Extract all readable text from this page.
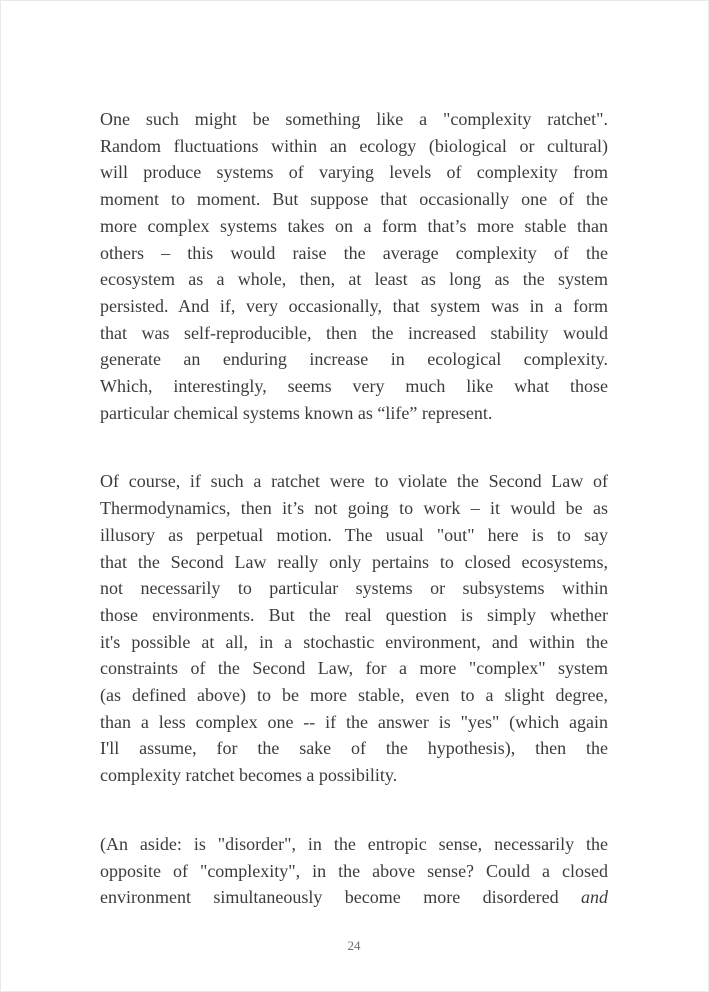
One such might be something like a "complexity ratchet".
Random fluctuations within an ecology (biological or cultural)
will produce systems of varying levels of complexity from
moment to moment. But suppose that occasionally one of the
more complex systems takes on a form that’s more stable than
others – this would raise the average complexity of the
ecosystem as a whole, then, at least as long as the system
persisted. And if, very occasionally, that system was in a form
that was self-reproducible, then the increased stability would
generate an enduring increase in ecological complexity.
Which, interestingly, seems very much like what those
particular chemical systems known as “life” represent.

Of course, if such a ratchet were to violate the Second Law of
Thermodynamics, then it’s not going to work – it would be as
illusory as perpetual motion. The usual "out" here is to say
that the Second Law really only pertains to closed ecosystems,
not necessarily to particular systems or subsystems within
those environments. But the real question is simply whether
it's possible at all, in a stochastic environment, and within the
constraints of the Second Law, for a more "complex" system
(as defined above) to be more stable, even to a slight degree,
than a less complex one -- if the answer is "yes" (which again
I'll assume, for the sake of the hypothesis), then the
complexity ratchet becomes a possibility.

(An aside: is "disorder", in the entropic sense, necessarily the
opposite of "complexity", in the above sense? Could a closed
environment simultaneously become more disordered and

24
